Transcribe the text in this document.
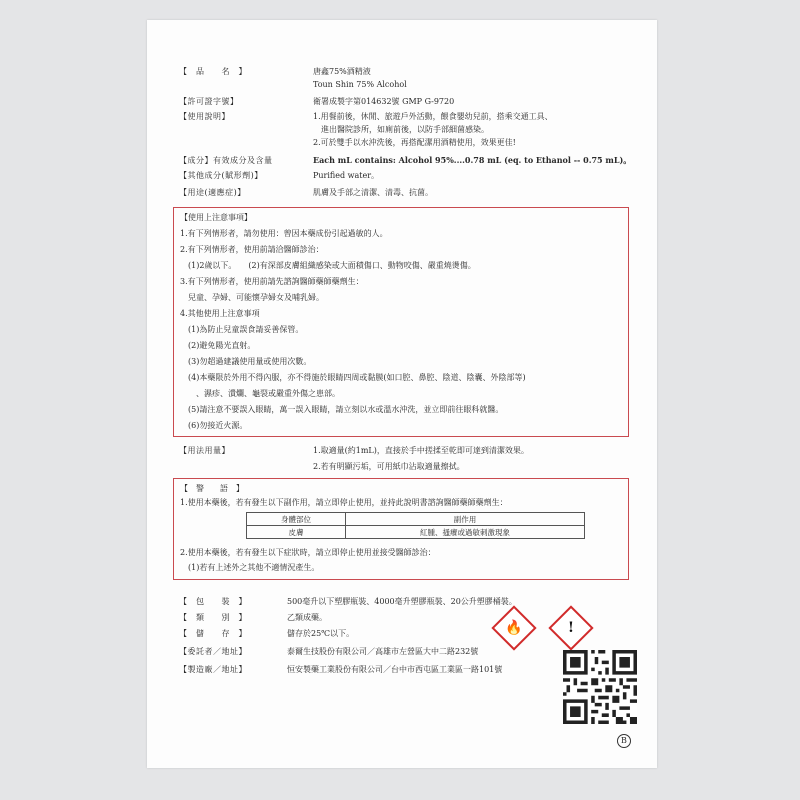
【　品　　名　】	唐鑫75%酒精液
Toun Shin 75% Alcohol
【許可證字號】	衛署成製字第014632號 GMP G-9720
【使用說明】	1.用餐前後，休閒、旅遊戶外活動，餵食嬰幼兒前，搭乘交通工具、
　進出醫院診所，如廁前後，以防手部細菌感染。
2.可於雙手以水沖洗後，再搭配潔用酒精使用，效果更佳!
【成分】有效成分及含量	Each mL contains: Alcohol 95%....0.78 mL (eq. to Ethanol -- 0.75 mL)。
【其他成分(賦形劑)】	Purified water。
【用途(適應症)】	肌膚及手部之清潔、清毒、抗菌。
【使用上注意事項】
1.有下列情形者，請勿使用：曾因本藥成份引起過敏的人。
2.有下列情形者，使用前請洽醫師診治：
　(1)2歲以下。　　(2)有深部皮膚組織感染或大面積傷口、動物咬傷、嚴重燒燙傷。
3.有下列情形者，使用前請先諮詢醫師藥師藥劑生：
　兒童、孕婦、可能懷孕婦女及哺乳婦。
4.其他使用上注意事項
　(1)為防止兒童誤食請妥善保管。
　(2)避免陽光直射。
　(3)勿超過建議使用量或使用次數。
　(4)本藥限於外用不得內服，亦不得施於眼睛四周或黏膜(如口腔、鼻腔、陰道、陰囊、外陰部等)
　　、濕疹、潰爛、龜裂或嚴重外傷之患部。
　(5)請注意不要誤入眼睛，萬一誤入眼睛，請立刻以水或溫水沖洗，並立即前往眼科就醫。
　(6)勿接近火源。
【用法用量】	1.取適量(約1mL)，直接於手中搓揉至乾即可達到清潔效果。
2.若有明顯污垢，可用紙巾沾取適量擦拭。
【　警　　語　】
1.使用本藥後，若有發生以下副作用，請立即停止使用，並持此說明書諮詢醫師藥師藥劑生：
身體部位	副作用
皮膚	紅腫、搔癢或過敏刺激現象
2.使用本藥後，若有發生以下症狀時，請立即停止使用並接受醫師診治：
　(1)若有上述外之其他不適情況產生。
【　包　　裝　】	500毫升以下塑膠瓶裝、4000毫升塑膠瓶裝、20公升塑膠桶裝。
【　類　　別　】	乙類成藥。
【　儲　　存　】	儲存於25℃以下。
【委託者／地址】	泰爾生技股份有限公司／高雄市左營區大中二路232號
【製造廠／地址】	恒安製藥工業股份有限公司／台中市西屯區工業區一路101號
🔥	!
B
